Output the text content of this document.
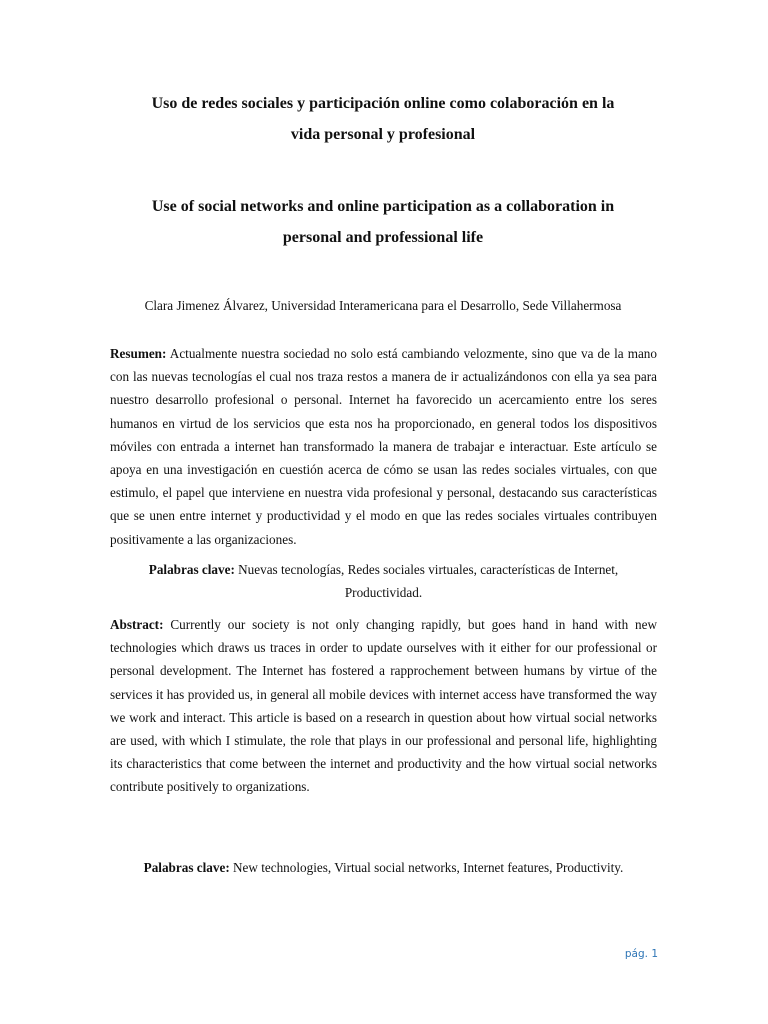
Uso de redes sociales y participación online como colaboración en la
vida personal y profesional
Use of social networks and online participation as a collaboration in
personal and professional life
Clara Jimenez Álvarez, Universidad Interamericana para el Desarrollo, Sede Villahermosa

Resumen: Actualmente nuestra sociedad no solo está cambiando velozmente, sino que va de la mano con las nuevas tecnologías el cual nos traza restos a manera de ir actualizándonos con ella ya sea para nuestro desarrollo profesional o personal. Internet ha favorecido un acercamiento entre los seres humanos en virtud de los servicios que esta nos ha proporcionado, en general todos los dispositivos móviles con entrada a internet han transformado la manera de trabajar e interactuar. Este artículo se apoya en una investigación en cuestión acerca de cómo se usan las redes sociales virtuales, con que estimulo, el papel que interviene en nuestra vida profesional y personal, destacando sus características que se unen entre internet y productividad y el modo en que las redes sociales virtuales contribuyen positivamente a las organizaciones.

Palabras clave: Nuevas tecnologías, Redes sociales virtuales, características de Internet,
Productividad.

Abstract: Currently our society is not only changing rapidly, but goes hand in hand with new technologies which draws us traces in order to update ourselves with it either for our professional or personal development. The Internet has fostered a rapprochement between humans by virtue of the services it has provided us, in general all mobile devices with internet access have transformed the way we work and interact. This article is based on a research in question about how virtual social networks are used, with which I stimulate, the role that plays in our professional and personal life, highlighting its characteristics that come between the internet and productivity and the how virtual social networks contribute positively to organizations.

Palabras clave: New technologies, Virtual social networks, Internet features, Productivity.
pág. 1
